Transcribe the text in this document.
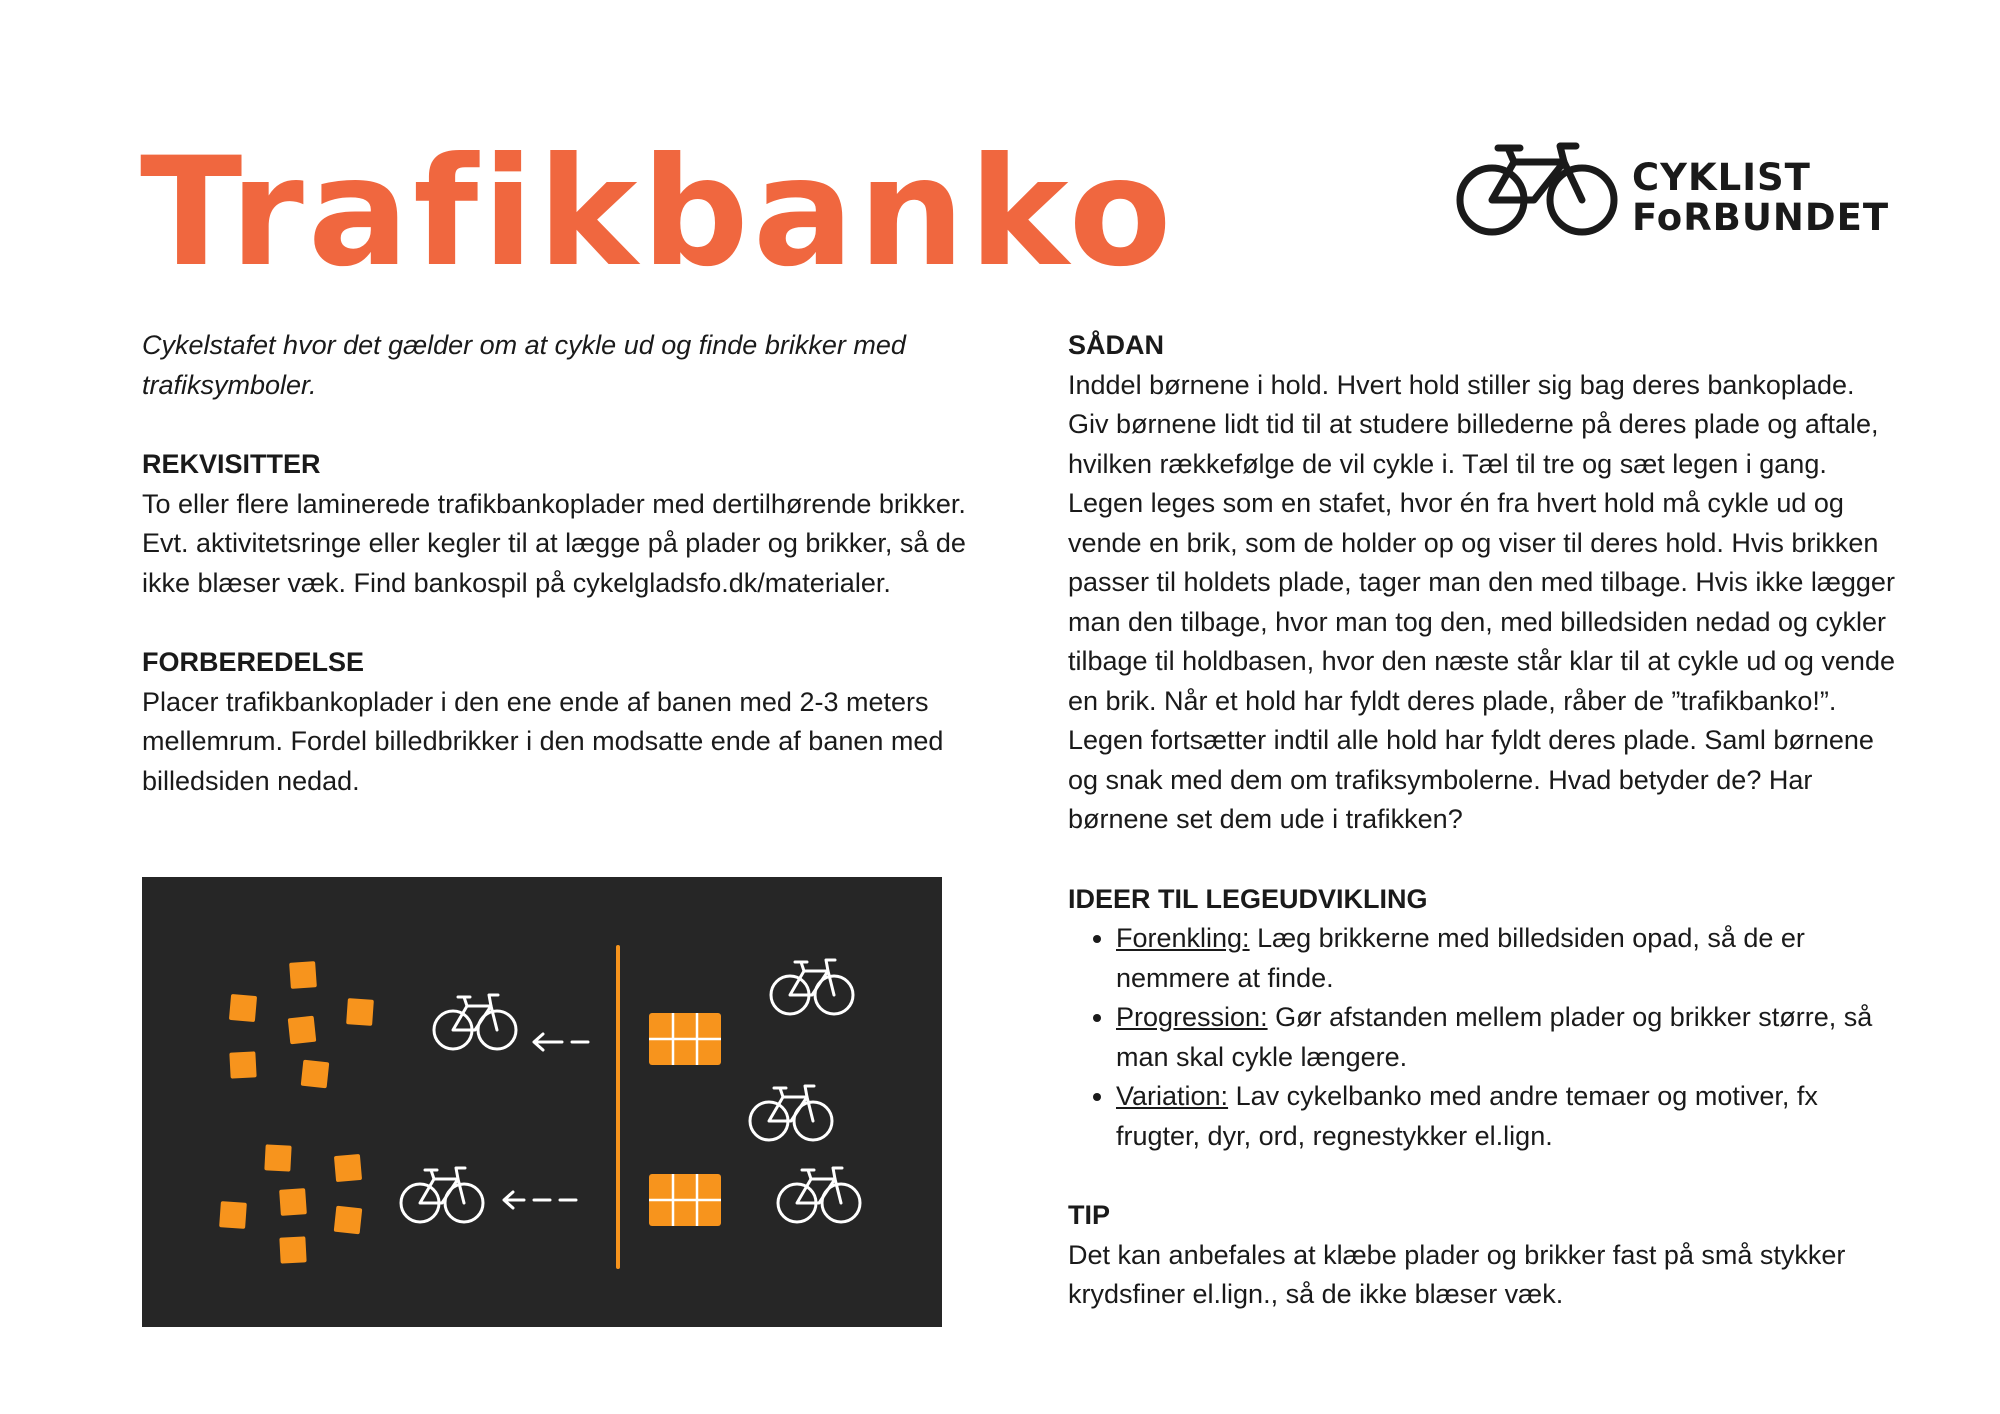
Trafikbanko	CYKLIST
FoRBUNDET

Cykelstafet hvor det gælder om at cykle ud og finde brikker med trafiksymboler.

REKVISITTER

To eller flere laminerede trafikbankoplader med dertilhørende brikker. Evt. aktivitetsringe eller kegler til at lægge på plader og brikker, så de ikke blæser væk. Find bankospil på cykelgladsfo.dk/materialer.

FORBEREDELSE

Placer trafikbankoplader i den ene ende af banen med 2-3 meters mellemrum. Fordel billedbrikker i den modsatte ende af banen med billedsiden nedad.

SÅDAN

Inddel børnene i hold. Hvert hold stiller sig bag deres bankoplade. Giv børnene lidt tid til at studere billederne på deres plade og aftale, hvilken rækkefølge de vil cykle i. Tæl til tre og sæt legen i gang. Legen leges som en stafet, hvor én fra hvert hold må cykle ud og vende en brik, som de holder op og viser til deres hold. Hvis brikken passer til holdets plade, tager man den med tilbage. Hvis ikke lægger man den tilbage, hvor man tog den, med billedsiden nedad og cykler tilbage til holdbasen, hvor den næste står klar til at cykle ud og vende en brik. Når et hold har fyldt deres plade, råber de ”trafikbanko!”. Legen fortsætter indtil alle hold har fyldt deres plade. Saml børnene og snak med dem om trafiksymbolerne. Hvad betyder de? Har børnene set dem ude i trafikken?

IDEER TIL LEGEUDVIKLING

• Forenkling: Læg brikkerne med billedsiden opad, så de er nemmere at finde.
• Progression: Gør afstanden mellem plader og brikker større, så man skal cykle længere.
• Variation: Lav cykelbanko med andre temaer og motiver, fx frugter, dyr, ord, regnestykker el.lign.

TIP

Det kan anbefales at klæbe plader og brikker fast på små stykker krydsfiner el.lign., så de ikke blæser væk.
